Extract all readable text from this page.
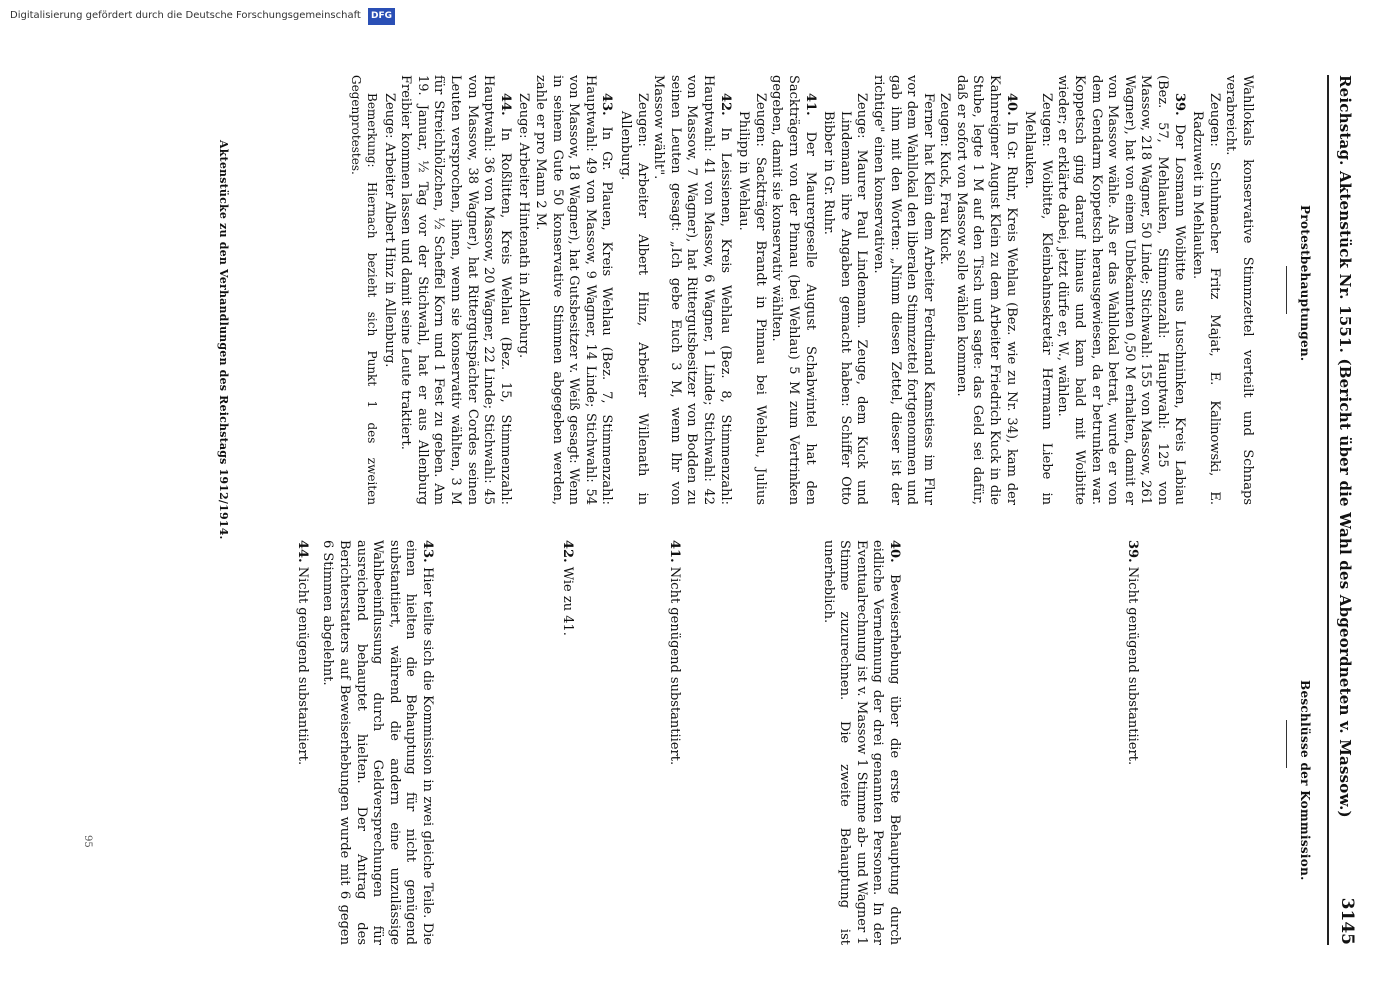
Reichstag. Aktenstück Nr. 1551. (Bericht über die Wahl des Abgeordneten v. Massow.)
3145
Protestbehauptungen.
Beschlüsse der Kommission.

Wahllokals konservative Stimmzettel verteilt und Schnaps verabreicht.

Zeugen: Schuhmacher Fritz Majat, E. Kalinowski, E. Radzuweit in Mehlauken.

39. Der Losmann Woibitte aus Luschninken, Kreis Labiau (Bez. 57, Mehlauken, Stimmenzahl: Hauptwahl: 125 von Massow, 218 Wagner, 50 Linde; Stichwahl: 155 von Massow, 261 Wagner), hat von einem Unbekannten 0,50 M erhalten, damit er von Massow wähle. Als er das Wahllokal betrat, wurde er von dem Gendarm Koppetsch herausgewiesen, da er betrunken war. Koppetsch ging darauf hinaus und kam bald mit Woibitte wieder; er erklärte dabei, jetzt dürfe er, W., wählen.

Zeugen: Woibitte, Kleinbahnsekretär Hermann Liebe in Mehlauken.

40. In Gr. Ruhr, Kreis Wehlau (Bez. wie zu Nr. 34), kam der Kahnreigner August Klein zu dem Arbeiter Friedrich Kuck in die Stube, legte 1 M auf den Tisch und sagte: das Geld sei dafür, daß er sofort von Massow solle wählen kommen.

Zeugen: Kuck, Frau Kuck.

Ferner hat Klein dem Arbeiter Ferdinand Kamstiess im Flur vor dem Wahllokal den liberalen Stimmzettel fortgenommen und gab ihm mit den Worten: „Nimm diesen Zettel, dieser ist der richtige" einen konservativen.

Zeuge: Maurer Paul Lindemann. Zeuge, dem Kuck und Lindemann ihre Angaben gemacht haben: Schiffer Otto Bibber in Gr. Ruhr.

41. Der Maurergeselle August Schabwintel hat den Sackträgern von der Pinnau (bei Wehlau) 5 M zum Vertrinken gegeben, damit sie konservativ wählten.

Zeugen: Sackträger Brandt in Pinnau bei Wehlau, Julius Philipp in Wehlau.

42. In Leissienen, Kreis Wehlau (Bez. 8, Stimmenzahl: Hauptwahl: 41 von Massow, 6 Wagner, 1 Linde; Stichwahl: 42 von Massow, 7 Wagner), hat Rittergutsbesitzer von Bodden zu seinen Leuten gesagt: „Ich gebe Euch 3 M, wenn Ihr von Massow wählt".

Zeugen: Arbeiter Albert Hinz, Arbeiter Willenath in Allenburg.

43. In Gr. Plauen, Kreis Wehlau (Bez. 7, Stimmenzahl: Hauptwahl: 49 von Massow, 9 Wagner, 14 Linde; Stichwahl: 54 von Massow, 18 Wagner), hat Gutsbesitzer v. Weiß gesagt: Wenn in seinem Gute 50 konservative Stimmen abgegeben werden, zahle er pro Mann 2 M.

Zeuge: Arbeiter Hintenath in Allenburg.

44. In Roßlitten, Kreis Wehlau (Bez. 15, Stimmenzahl: Hauptwahl: 36 von Massow, 20 Wagner, 22 Linde; Stichwahl: 45 von Massow, 38 Wagner), hat Rittergutspächter Cordes seinen Leuten versprochen, ihnen, wenn sie konservativ wählten, 3 M für Streichhölzchen, ½ Scheffel Korn und 1 Fest zu geben. Am 19. Januar, ½ Tag vor der Stichwahl, hat er aus Allenburg Freibier kommen lassen und damit seine Leute traktiert.

Zeuge: Arbeiter Albert Hinz in Allenburg.

Bemerkung: Hiernach bezieht sich Punkt 1 des zweiten Gegenprotestes.

39. Nicht genügend substantiiert.

40. Beweiserhebung über die erste Behauptung durch eidliche Vernehmung der drei genannten Personen. In der Eventualrechnung ist v. Massow 1 Stimme ab- und Wagner 1 Stimme zuzurechnen. Die zweite Behauptung ist unerheblich.

41. Nicht genügend substantiiert.

42. Wie zu 41.

43. Hier teilte sich die Kommission in zwei gleiche Teile. Die einen hielten die Behauptung für nicht genügend substantiiert, während die andern eine unzulässige Wahlbeeinflussung durch Geldversprechungen für ausreichend behauptet hielten. Der Antrag des Berichterstatters auf Beweiserhebungen wurde mit 6 gegen 6 Stimmen abgelehnt.

44. Nicht genügend substantiiert.

Aktenstücke zu den Verhandlungen des Reichstags 1912/1914.
95
Digitalisierung gefördert durch die Deutsche Forschungsgemeinschaft DFG
